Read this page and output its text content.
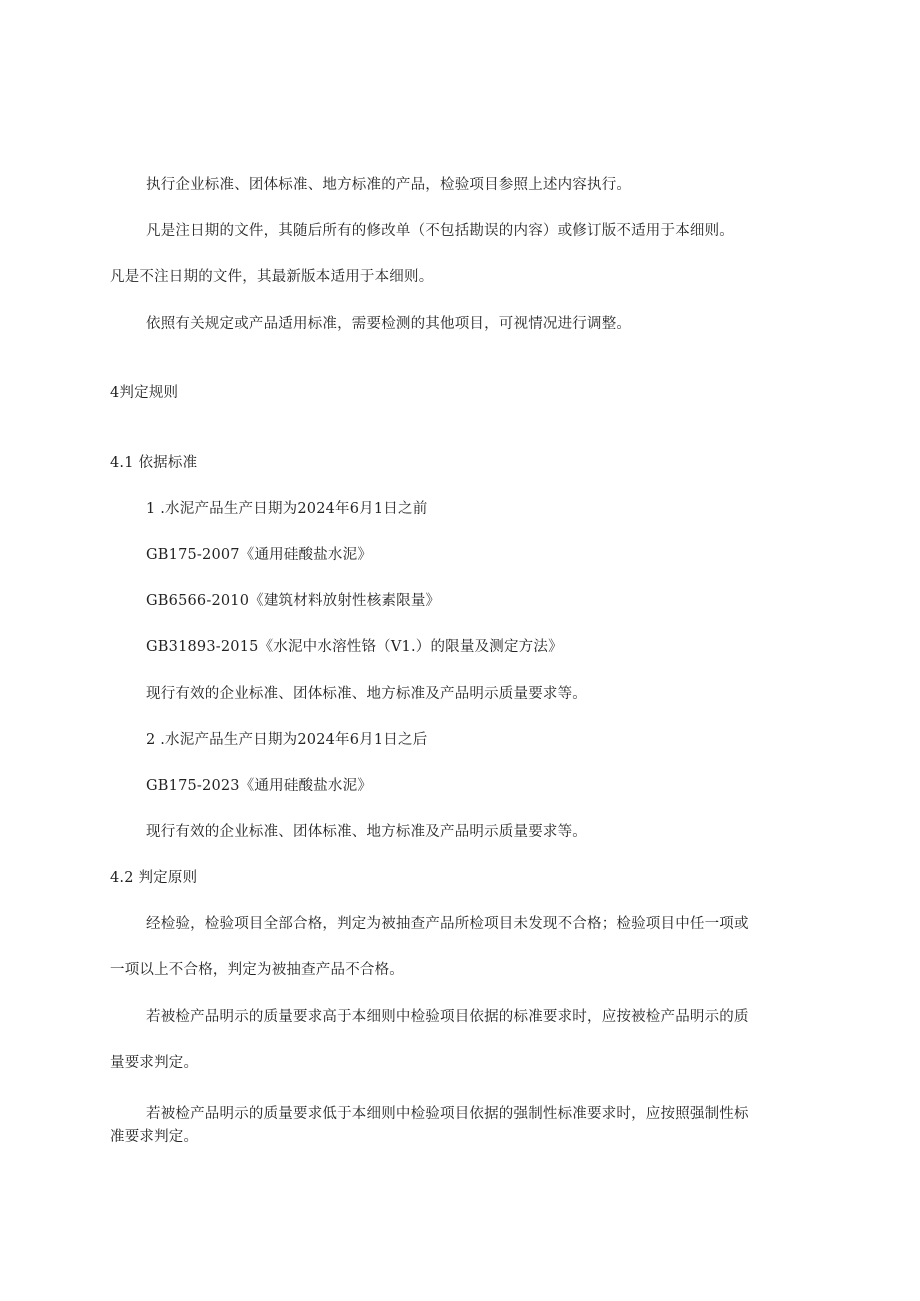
执行企业标准、团体标准、地方标准的产品，检验项目参照上述内容执行。
凡是注日期的文件，其随后所有的修改单（不包括勘误的内容）或修订版不适用于本细则。
凡是不注日期的文件，其最新版本适用于本细则。
依照有关规定或产品适用标准，需要检测的其他项目，可视情况进行调整。
4判定规则
4.1 依据标准
1 .水泥产品生产日期为2024年6月1日之前
GB175-2007《通用硅酸盐水泥》
GB6566-2010《建筑材料放射性核素限量》
GB31893-2015《水泥中水溶性铬（V1.）的限量及测定方法》
现行有效的企业标准、团体标准、地方标准及产品明示质量要求等。
2 .水泥产品生产日期为2024年6月1日之后
GB175-2023《通用硅酸盐水泥》
现行有效的企业标准、团体标准、地方标准及产品明示质量要求等。
4.2 判定原则
经检验，检验项目全部合格，判定为被抽查产品所检项目未发现不合格；检验项目中任一项或
一项以上不合格，判定为被抽查产品不合格。
若被检产品明示的质量要求高于本细则中检验项目依据的标准要求时，应按被检产品明示的质
量要求判定。
若被检产品明示的质量要求低于本细则中检验项目依据的强制性标准要求时，应按照强制性标
准要求判定。
